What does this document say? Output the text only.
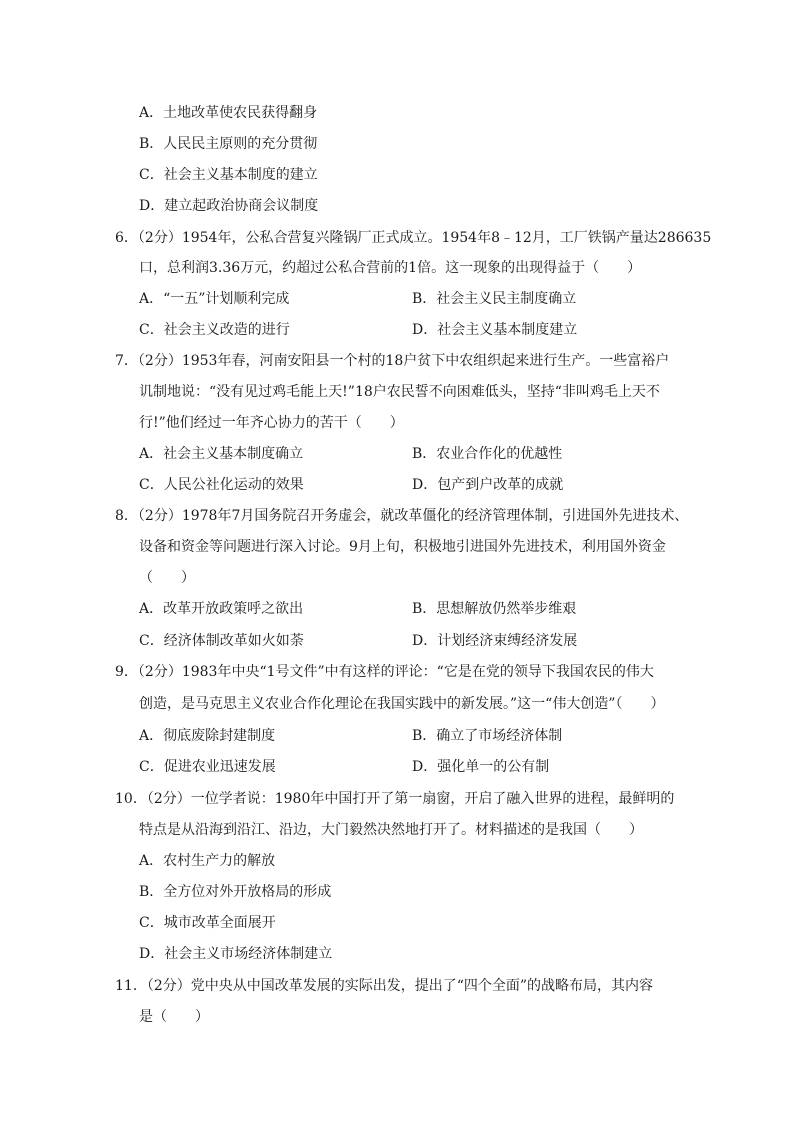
A．土地改革使农民获得翻身
B．人民民主原则的充分贯彻
C．社会主义基本制度的建立
D．建立起政治协商会议制度
6．（2分）1954年，公私合营复兴隆锅厂正式成立。1954年8﹣12月，工厂铁锅产量达286635
口，总利润3.36万元，约超过公私合营前的1倍。这一现象的出现得益于（　　）
A．“一五”计划顺利完成	B．社会主义民主制度确立
C．社会主义改造的进行	D．社会主义基本制度建立
7．（2分）1953年春，河南安阳县一个村的18户贫下中农组织起来进行生产。一些富裕户
讥制地说：“没有见过鸡毛能上天!”18户农民誓不向困难低头，坚持“非叫鸡毛上天不
行!”他们经过一年齐心协力的苦干（　　）
A．社会主义基本制度确立	B．农业合作化的优越性
C．人民公社化运动的效果	D．包产到户改革的成就
8．（2分）1978年7月国务院召开务虚会，就改革僵化的经济管理体制，引进国外先进技术、
设备和资金等问题进行深入讨论。9月上旬，积极地引进国外先进技术，利用国外资金
（　　）
A．改革开放政策呼之欲出	B．思想解放仍然举步维艰
C．经济体制改革如火如荼	D．计划经济束缚经济发展
9．（2分）1983年中央“1号文件”中有这样的评论：“它是在党的领导下我国农民的伟大
创造，是马克思主义农业合作化理论在我国实践中的新发展。”这一“伟大创造”（　　）
A．彻底废除封建制度	B．确立了市场经济体制
C．促进农业迅速发展	D．强化单一的公有制
10．（2分）一位学者说：1980年中国打开了第一扇窗，开启了融入世界的进程，最鲜明的
特点是从沿海到沿江、沿边，大门毅然决然地打开了。材料描述的是我国（　　）
A．农村生产力的解放
B．全方位对外开放格局的形成
C．城市改革全面展开
D．社会主义市场经济体制建立
11．（2分）党中央从中国改革发展的实际出发，提出了“四个全面”的战略布局，其内容
是（　　）
